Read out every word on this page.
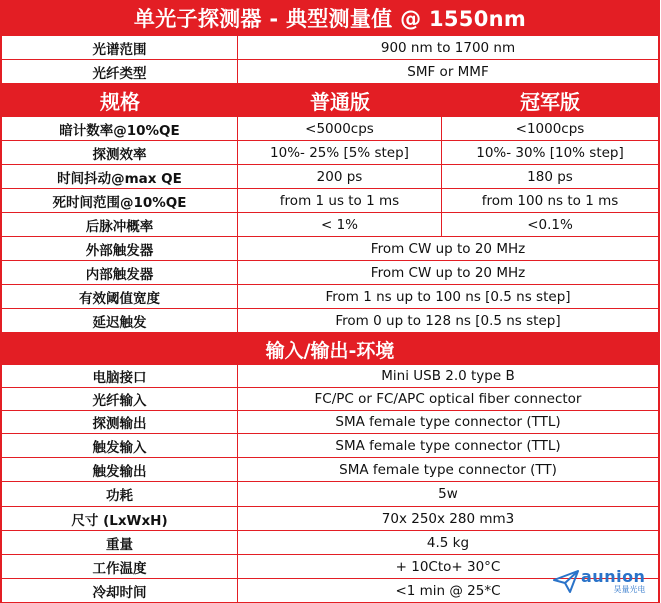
单光子探测器 - 典型测量值 @ 1550nm
光谱范围	900 nm to 1700 nm
光纤类型	SMF or MMF
规格	普通版	冠军版
暗计数率@10%QE	<5000cps	<1000cps
探测效率	10%- 25% [5% step]	10%- 30% [10% step]
时间抖动@max QE	200 ps	180 ps
死时间范围@10%QE	from 1 us to 1 ms	from 100 ns to 1 ms
后脉冲概率	< 1%	<0.1%
外部触发器	From CW up to 20 MHz
内部触发器	From CW up to 20 MHz
有效阈值宽度	From 1 ns up to 100 ns [0.5 ns step]
延迟触发	From 0 up to 128 ns [0.5 ns step]
输入/输出-环境
电脑接口	Mini USB 2.0 type B
光纤输入	FC/PC or FC/APC optical fiber connector
探测输出	SMA female type connector (TTL)
触发输入	SMA female type connector (TTL)
触发输出	SMA female type connector (TT)
功耗	5w
尺寸 (LxWxH)	70x 250x 280 mm3
重量	4.5 kg
工作温度	+ 10Cto+ 30°C
冷却时间	<1 min @ 25*C
aunion
昊量光电
